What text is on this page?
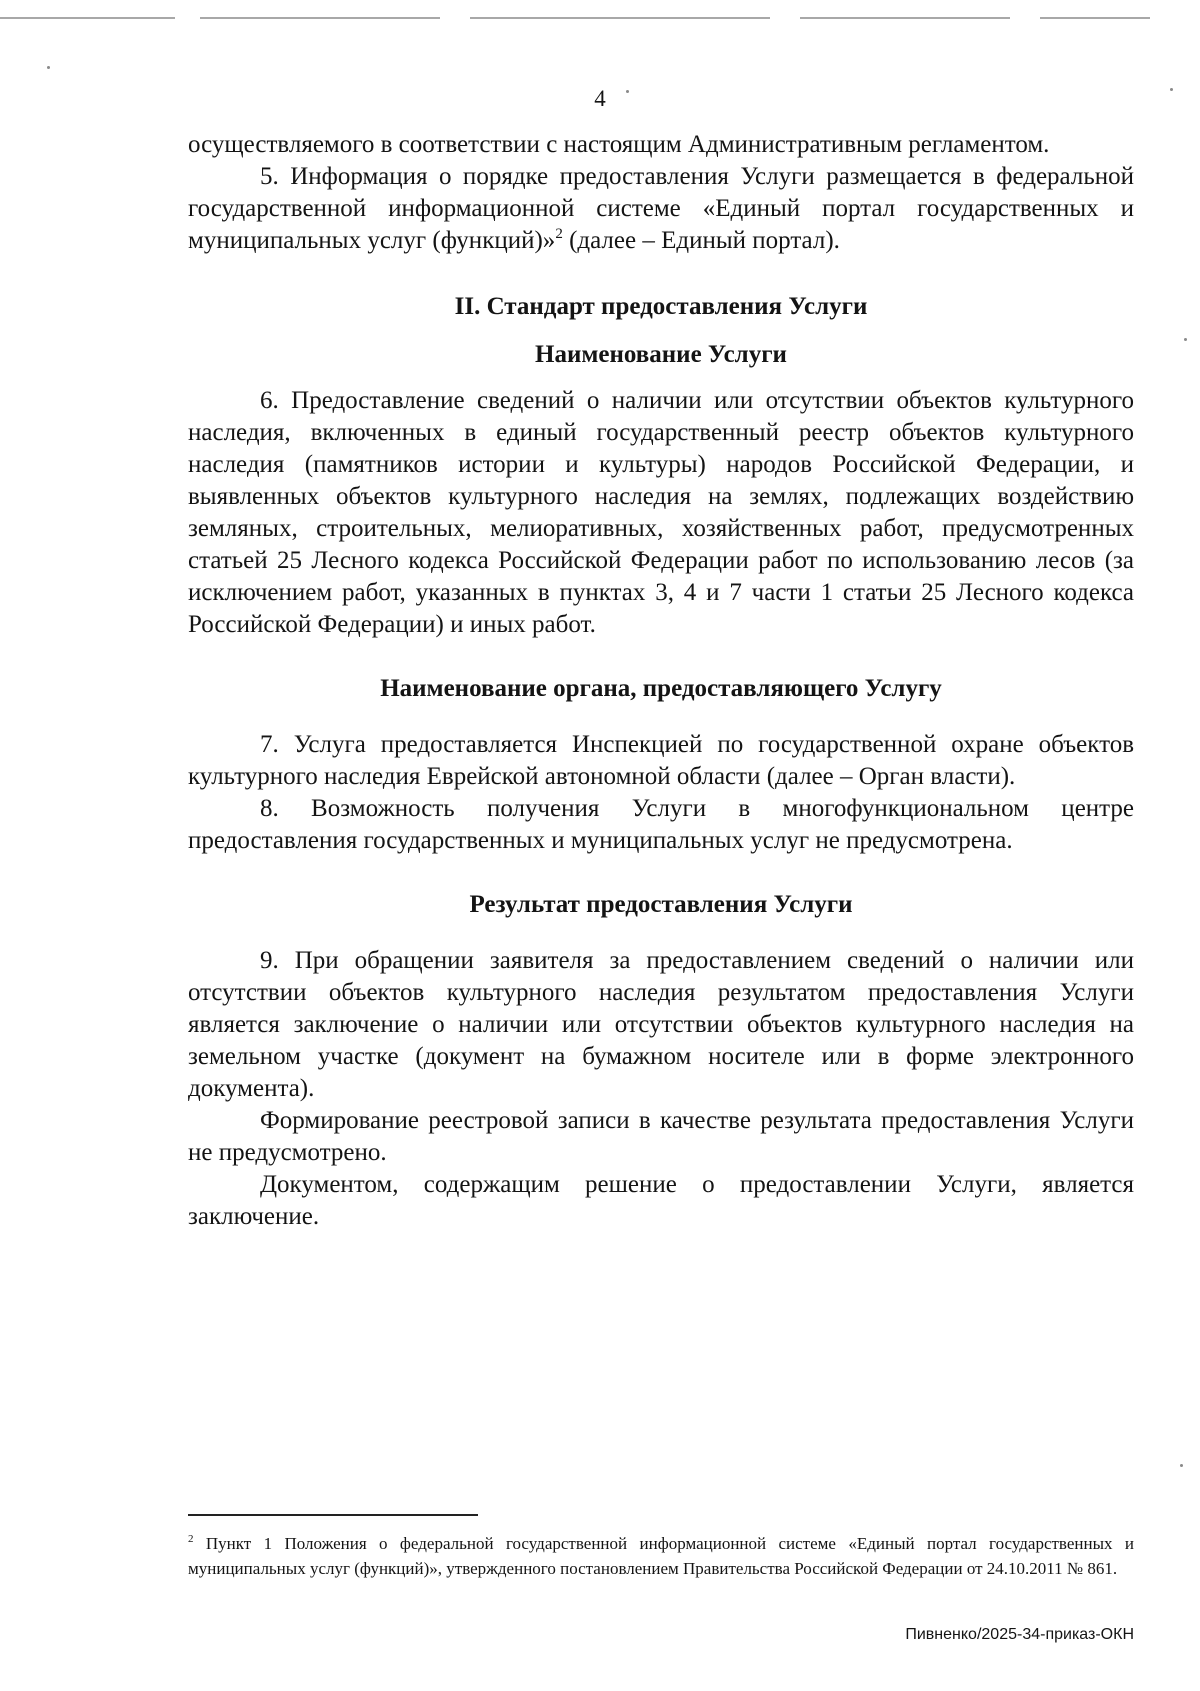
4

осуществляемого в соответствии с настоящим Административным регламентом.

5. Информация о порядке предоставления Услуги размещается в федеральной государственной информационной системе «Единый портал государственных и муниципальных услуг (функций)»$^2$ (далее – Единый портал).

II. Стандарт предоставления Услуги
Наименование Услуги

6. Предоставление сведений о наличии или отсутствии объектов культурного наследия, включенных в единый государственный реестр объектов культурного наследия (памятников истории и культуры) народов Российской Федерации, и выявленных объектов культурного наследия на землях, подлежащих воздействию земляных, строительных, мелиоративных, хозяйственных работ, предусмотренных статьей 25 Лесного кодекса Российской Федерации работ по использованию лесов (за исключением работ, указанных в пунктах 3, 4 и 7 части 1 статьи 25 Лесного кодекса Российской Федерации) и иных работ.

Наименование органа, предоставляющего Услугу

7. Услуга предоставляется Инспекцией по государственной охране объектов культурного наследия Еврейской автономной области (далее – Орган власти).

8. Возможность получения Услуги в многофункциональном центре предоставления государственных и муниципальных услуг не предусмотрена.

Результат предоставления Услуги

9. При обращении заявителя за предоставлением сведений о наличии или отсутствии объектов культурного наследия результатом предоставления Услуги является заключение о наличии или отсутствии объектов культурного наследия на земельном участке (документ на бумажном носителе или в форме электронного документа).

Формирование реестровой записи в качестве результата предоставления Услуги не предусмотрено.

Документом, содержащим решение о предоставлении Услуги, является заключение.

$^2$ Пункт 1 Положения о федеральной государственной информационной системе «Единый портал государственных и муниципальных услуг (функций)», утвержденного постановлением Правительства Российской Федерации от 24.10.2011 № 861.

Пивненко/2025-34-приказ-ОКН
